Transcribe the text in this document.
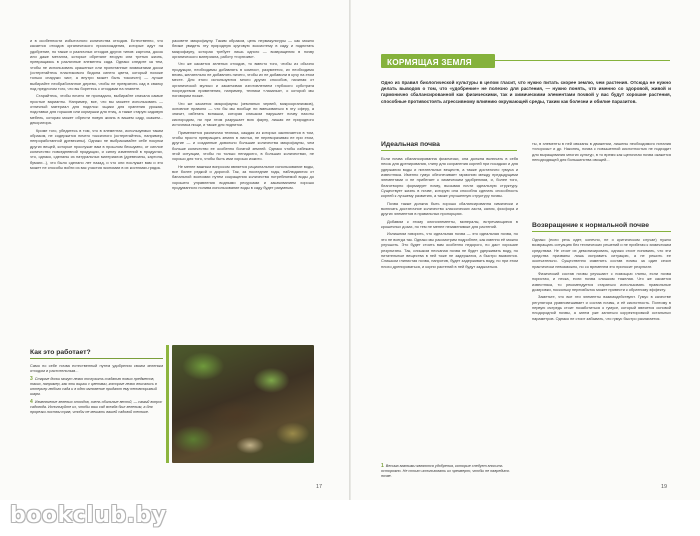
и в особенности избыточного количества отходов. Естественно, что касается отходов органического происхождения, которые идут на удобрение, но также и различных отходов других типов: картона, досок или даже металла, которые обретают вторую или третью жизнь, превращаясь в различные элементы сада. Однако следите за тем, чтобы не использовать крашеные или пропитанные химикатами доски (остерегайтесь пластикового бидона синего цвета, который похоже только снаружи чист, а внутри может быть токсичен) — лучше выбирайте необработанное дерево, чтобы не превратить сад в свалку под предлогом того, что вы боретесь с отходами на планете.

Старайтесь, чтобы ничего не пропадало, выбирайте сначала самые простые варианты. Например, все, что вы можете использовать — отличный материал для поделок: ящики для хранения урожая, подставки для горшков или кормушки для птиц, а также старую садовую мебель, которая может обрести новую жизнь в вашем саду, скажем... декоратора.

Кроме того, убедитесь в том, что в элементах, используемых таким образом, не содержится ничего токсичного (остерегайтесь, например, непроработанной древесины). Однако не выбрасывайте себе покупки других вещей, которые прослужат вам в прошлом бесшумно, от сиплое количество повседневной продукции, и сиплу изменений в продуктах, что, однако, сделаны из натуральных материалов (древесины, картона, бумаги...), что было сделано лет назад, и что они послужат вам и это может не способы войти из вас участия экономии в их костюмах-грядок.

рассвете микрофауну. Таким образом, цель пермакультуры — как можно ближе увидеть эту природную круговую экосистему в саду и подпитать микрофауну, которая требует лишь одного — возвращения в почву органического материала, работу «горючим».

Что же касается зеленых отходов, то вместо того, чтобы из обычно продукции, необходимы добавлять в компост, разумеется, их необходимо вновь, желательно не добавлять ничего, чтобы их не добавили в кучу на этом месте. Для этого используются много других способов, начиная от органической мульчи и заканчивая изготовлением глубокого субстрата посредством применения, например, техники «лазанья», о которой мы поговорим позже.

Что же касается микрофауны (земляных червей, микроорганизмов), основное правило — что бы мы вообще ни вмешиваться в эту сферу, а значит, избегать вспашки, которая слишком нарушает почву пахоты кислородом, ни при этом разрушает всю фауну, лишая ее природного источника пищи, и также для подпитки.

Применяется различная техника, каждая из которых заключается в том, чтобы просто превращать землю в листья, не переворачивая ее при этом, другие — и созданные довольно большие количества микрофауны, чем больше количество ее особенно богатой землей. Однако чтобы избежать этой ситуации, чтобы по только ненадолго, в больших количествах, не хорошо для того, чтобы быть ими хорошо изжито.

Не менее важным вопросом является рациональное использование воды, все более редкой и дорогой. Так, за последние годы, наблюдаются от банальной экономии путем сокращения количества потребляемой воды до хорошего управления водными ресурсами и закачиванием хорошо продуманного полива использование воды в саду будет разумным.

Как это работает?

Само по себе почва естественный путем удобрения своим зеленым отходом и растительным...

3 Старые доски могут легко послужить созданию новых предметов, таких, например, как эти ящики с цветами, которые легко вписались в интерьер любого сада и в одно мгновение придают ему неповторимый шарм.
4 Измельчение зеленых отходов, очень обильные весной, — самый вопрос садовода. Используйте их, чтобы ваш сад всегда был зеленым, а для прорезки листвы трав, чтобы не мешать вашей садовой технике.
17
КОРМЯЩАЯ ЗЕМЛЯ

Одно из правил биологической культуры в целом гласит, что нужно питать скорее землю, чем растения. Отсюда не нужно делать выводов о том, что «удобрение» не полезно для растения, — нужно понять, что именно со здоровой, живой и гармонично сбалансированной как физическими, так и химическими элементами почвой у вас будут хорошие растения, способные противостоять агрессивному влиянию окружающей среды, таким как болезни и обилие паразитов.

Идеальная почва

Если почва сбалансированна физически, она должна включать в себя песок для дренирования, глину для сохранения корней при посадках и для удержания воды и питательных веществ, а также достаточно гумуса и известняка. Именно гумус обеспечивает гармонию между предыдущими элементами и не прибегает к химическим удобрениям, и, более того, благотворно формирует почву, вызывая почти идеальную структуру. Существует жизнь в почве, которую она способна сделать способность корней к лучшему развитию, а также улучшенную структуру почвы.

Почва также должна быть хорошо сбалансированна химически и включать достаточное количество классических азота, калия, фосфора и других элементов в правильных пропорциях.

Добавим к этому олигоэлементы, минералы, встречающиеся в крошечных дозах, но тем не менее незаменимые для растений.

Излишним говорить, что идеальная почва — это идеальная почва, но это не всегда так. Однако мы рассмотрим подробнее, как именно её можно улучшить. Это будет стоить вам особенно недорого, но даст хорошие результаты. Так, слишком песчаная почва не будет удерживать воду, но питательные вещества в ней тоже не задержатся, а быстро вымоются. Слишком глинистая почва, напротив, будет задерживать воду, но при этом плохо дренироваться, и корни растений в ней будут задыхаться.

ты, в элементы в ней связаны в движении, лишены необходимого питания «хлорозы» и др. Наконец, почва с повышенной кислотностью не подходит для выращивания многих культур, в то время как щелочная почва окажется неподходящей для большинства овощей...

Возвращение к нормальной почве

Однако (если речь идет, конечно, не о критическом случае) нужно возвращать ситуацию без технических решений и не прибегая к химическим средствам. Не стоит их демонизировать, однако стоит понимать, что эти средства призваны лишь исправить ситуацию, а не решить ее окончательно. Существенно изменить состав почвы за один сезон практически невозможно, но со временем это приносит результат.

Физический состав почвы улучшают с помощью глины, если почва пористая, и песка, если почва слишком тяжелая. Что же касается известняка, то рекомендуется стараться использовать правильные дозировки, поскольку переизбыток может привести к обратному эффекту.

Заметьте, что все эти элементы взаимодействуют. Гумус в качестве регулятора уравновешивает и состав почвы, и её кислотность. Поэтому в первую очередь стоит позаботиться о гумусе, который является основой плодородной почвы, а затем уже заняться корректировкой остальных параметров. Однако не стоит забывать, что гумус быстро разлагается.

1 Весьма важными являются удобрения, которые следует вносить осторожно. Не стоит использовать их чрезмерно, чтобы не навредить почве.
19
bookclub.by
